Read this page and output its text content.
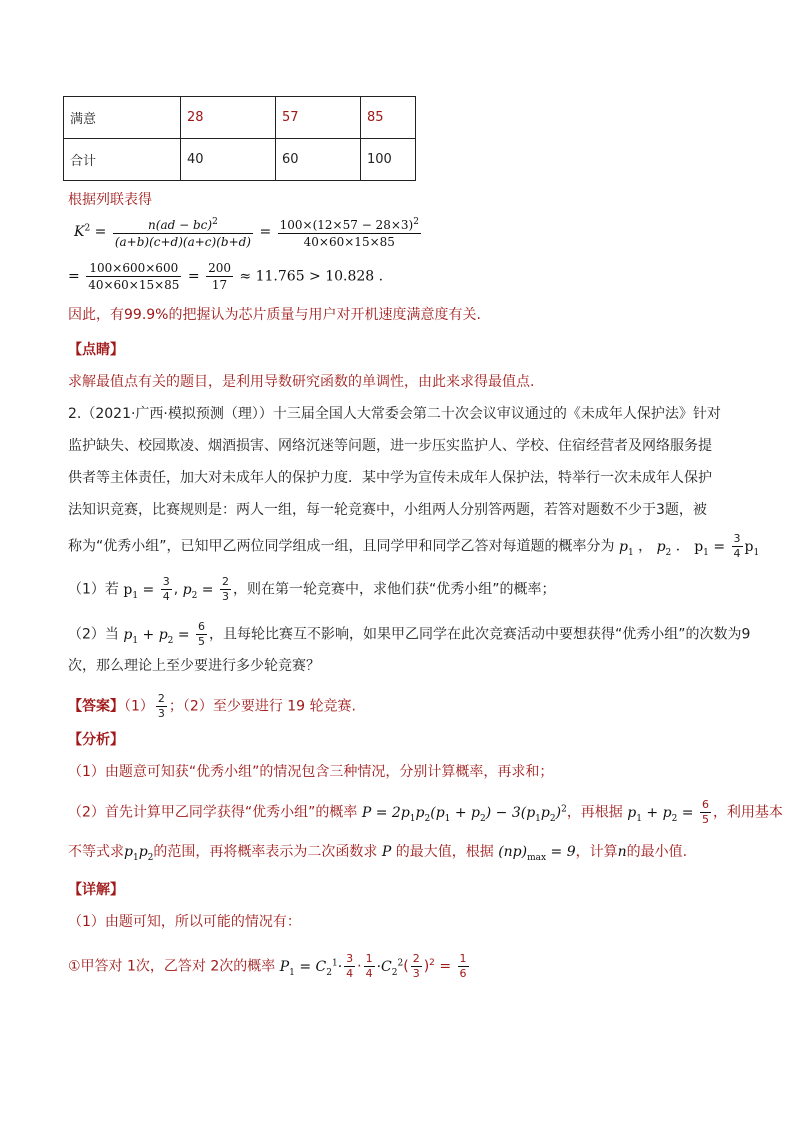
满意	28	57	85
合计	40	60	100
根据列联表得
$K^2 = \frac{n(ad - bc)^2}{(a+b)(c+d)(a+c)(b+d)} = \frac{100\times(12\times 57 - 28\times 3)^2}{40\times 60\times 15\times 85}$
= $\frac{100\times 600\times 600}{40\times 60\times 15\times 85} = \frac{200}{17} \approx 11.765 > 10.828$ .
因此，有99.9%的把握认为芯片质量与用户对开机速度满意度有关.
【点睛】
求解最值点有关的题目，是利用导数研究函数的单调性，由此来求得最值点.
2.（2021·广西·模拟预测（理））十三届全国人大常委会第二十次会议审议通过的《未成年人保护法》针对
监护缺失、校园欺凌、烟酒损害、网络沉迷等问题，进一步压实监护人、学校、住宿经营者及网络服务提
供者等主体责任，加大对未成年人的保护力度．某中学为宣传未成年人保护法，特举行一次未成年人保护
法知识竞赛，比赛规则是：两人一组，每一轮竞赛中，小组两人分别答两题，若答对题数不少于3题，被
称为“优秀小组”，已知甲乙两位同学组成一组，且同学甲和同学乙答对每道题的概率分为 $p_1$ ， $p_2$ ． $p_1 = \frac{3}{4} p_1$
（1）若 $p_1 = \frac{3}{4}$ , $p_2 = \frac{2}{3}$ ，则在第一轮竞赛中，求他们获“优秀小组”的概率；
（2）当 $p_1 + p_2 = \frac{6}{5}$ ，且每轮比赛互不影响，如果甲乙同学在此次竞赛活动中要想获得“优秀小组”的次数为9
次，那么理论上至少要进行多少轮竞赛？
【答案】$(1) \frac{2}{3}$ ；（2）至少要进行 19 轮竞赛.
【分析】
（1）由题意可知获“优秀小组”的情况包含三种情况，分别计算概率，再求和；
（2）首先计算甲乙同学获得“优秀小组”的概率 $P = 2p_1p_2(p_1 + p_2) - 3(p_1p_2)^2$，再根据 $p_1 + p_2 = \frac{6}{5}$ ，利用基本
不等式求$p_1p_2$的范围，再将概率表示为二次函数求 P 的最大值，根据 $(np)_{max} = 9$，计算n的最小值.
【详解】
（1）由题可知，所以可能的情况有：
①甲答对 1次，乙答对 2次的概率 $P_1 = C_2^1\cdot \frac{3}{4} \cdot \frac{1}{4} \cdot C_2^2( \frac{2}{3} )^2 = \frac{1}{6}$
